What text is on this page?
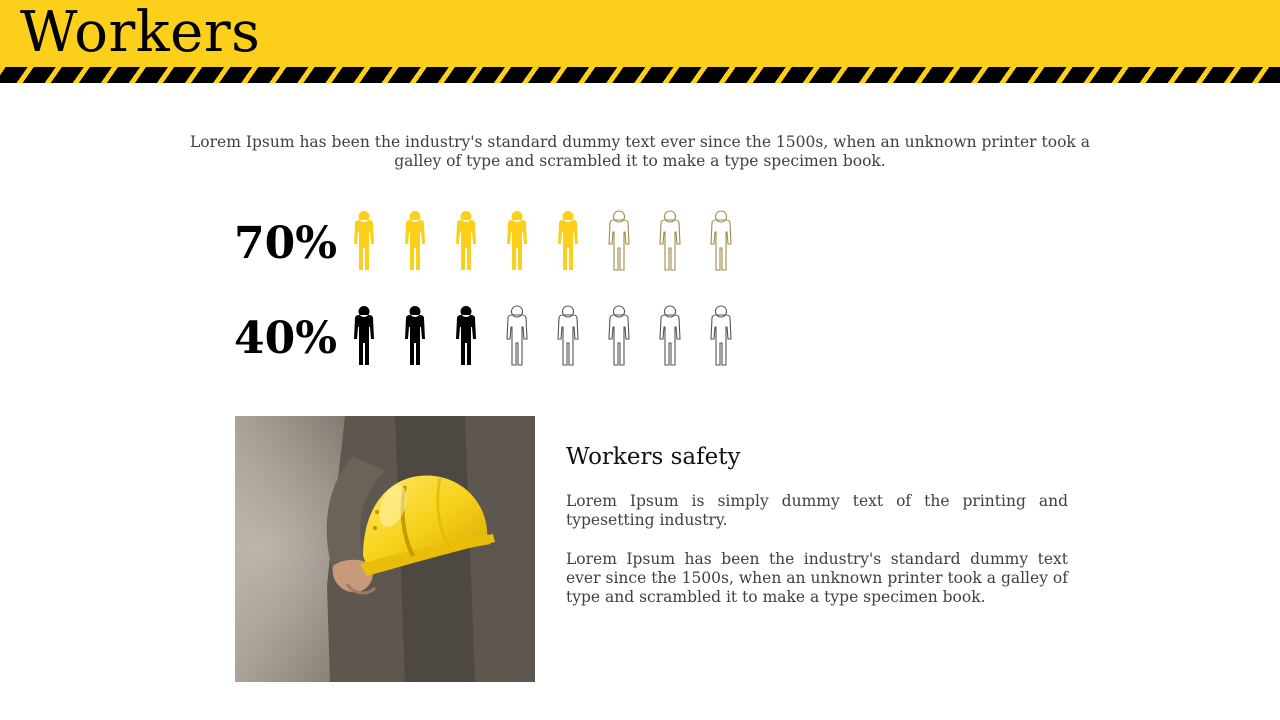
Workers
Lorem Ipsum has been the industry's standard dummy text ever since the 1500s, when an unknown printer took a galley of type and scrambled it to make a type specimen book.
70%
40%
Workers safety
Lorem Ipsum is simply dummy text of the printing and typesetting industry.
Lorem Ipsum has been the industry's standard dummy text ever since the 1500s, when an unknown printer took a galley of type and scrambled it to make a type specimen book.
